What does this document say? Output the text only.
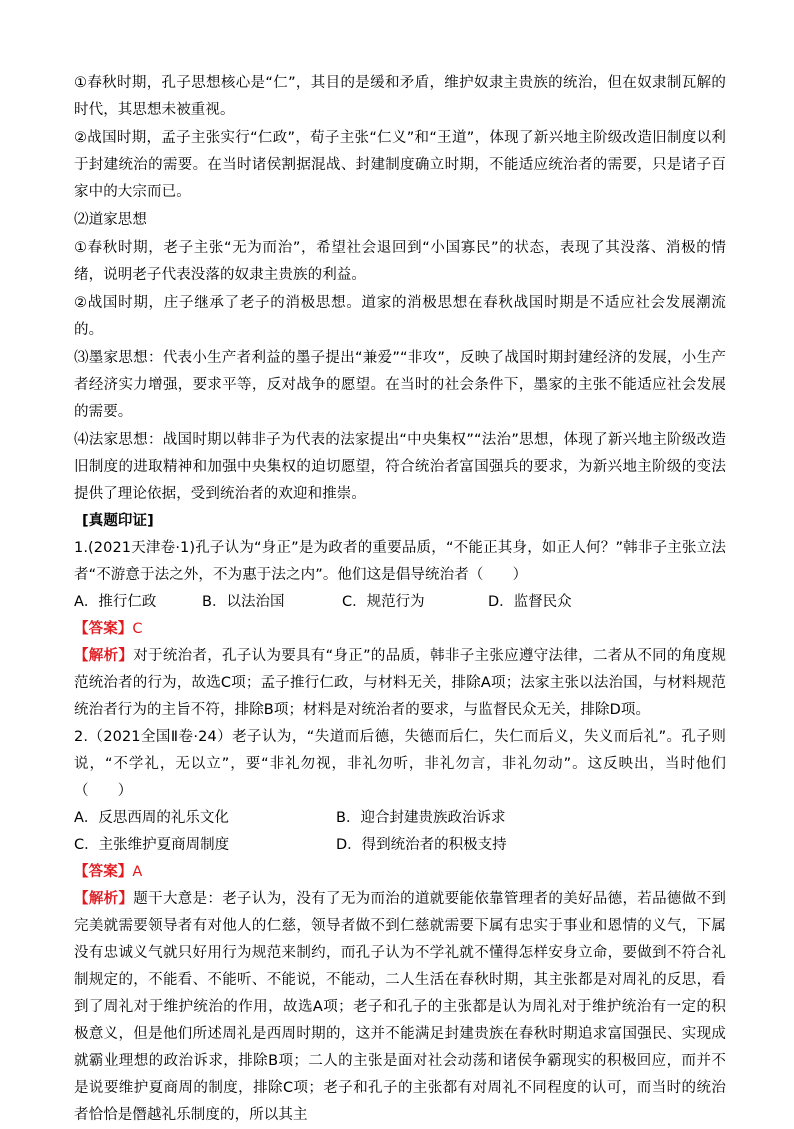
①春秋时期，孔子思想核心是“仁”，其目的是缓和矛盾，维护奴隶主贵族的统治，但在奴隶制瓦解的时代，其思想未被重视。

②战国时期，孟子主张实行“仁政”，荀子主张“仁义”和“王道”，体现了新兴地主阶级改造旧制度以利于封建统治的需要。在当时诸侯割据混战、封建制度确立时期，不能适应统治者的需要，只是诸子百家中的大宗而已。

⑵道家思想

①春秋时期，老子主张“无为而治”，希望社会退回到“小国寡民”的状态，表现了其没落、消极的情绪，说明老子代表没落的奴隶主贵族的利益。

②战国时期，庄子继承了老子的消极思想。道家的消极思想在春秋战国时期是不适应社会发展潮流的。

⑶墨家思想：代表小生产者利益的墨子提出“兼爱”“非攻”，反映了战国时期封建经济的发展，小生产者经济实力增强，要求平等，反对战争的愿望。在当时的社会条件下，墨家的主张不能适应社会发展的需要。

⑷法家思想：战国时期以韩非子为代表的法家提出“中央集权”“法治”思想，体现了新兴地主阶级改造旧制度的进取精神和加强中央集权的迫切愿望，符合统治者富国强兵的要求，为新兴地主阶级的变法提供了理论依据，受到统治者的欢迎和推崇。

[真题印证]

1.(2021天津卷·1)孔子认为“身正”是为政者的重要品质，“不能正其身，如正人何？”韩非子主张立法者“不游意于法之外，不为惠于法之内”。他们这是倡导统治者（　　）

A．推行仁政	B．以法治国	C．规范行为	D．监督民众

【答案】C

【解析】对于统治者，孔子认为要具有“身正”的品质，韩非子主张应遵守法律，二者从不同的角度规范统治者的行为，故选C项；孟子推行仁政，与材料无关，排除A项；法家主张以法治国，与材料规范统治者行为的主旨不符，排除B项；材料是对统治者的要求，与监督民众无关，排除D项。

2.（2021全国Ⅱ卷·24）老子认为，“失道而后德，失德而后仁，失仁而后义，失义而后礼”。孔子则说，“不学礼，无以立”，要“非礼勿视，非礼勿听，非礼勿言，非礼勿动”。这反映出，当时他们（　　）

A．反思西周的礼乐文化	B．迎合封建贵族政治诉求
C．主张维护夏商周制度	D．得到统治者的积极支持

【答案】A

【解析】题干大意是：老子认为，没有了无为而治的道就要能依靠管理者的美好品德，若品德做不到完美就需要领导者有对他人的仁慈，领导者做不到仁慈就需要下属有忠实于事业和恩情的义气，下属没有忠诚义气就只好用行为规范来制约，而孔子认为不学礼就不懂得怎样安身立命，要做到不符合礼制规定的，不能看、不能听、不能说，不能动，二人生活在春秋时期，其主张都是对周礼的反思，看到了周礼对于维护统治的作用，故选A项；老子和孔子的主张都是认为周礼对于维护统治有一定的积极意义，但是他们所述周礼是西周时期的，这并不能满足封建贵族在春秋时期追求富国强民、实现成就霸业理想的政治诉求，排除B项；二人的主张是面对社会动荡和诸侯争霸现实的积极回应，而并不是说要维护夏商周的制度，排除C项；老子和孔子的主张都有对周礼不同程度的认可，而当时的统治者恰恰是僭越礼乐制度的，所以其主
